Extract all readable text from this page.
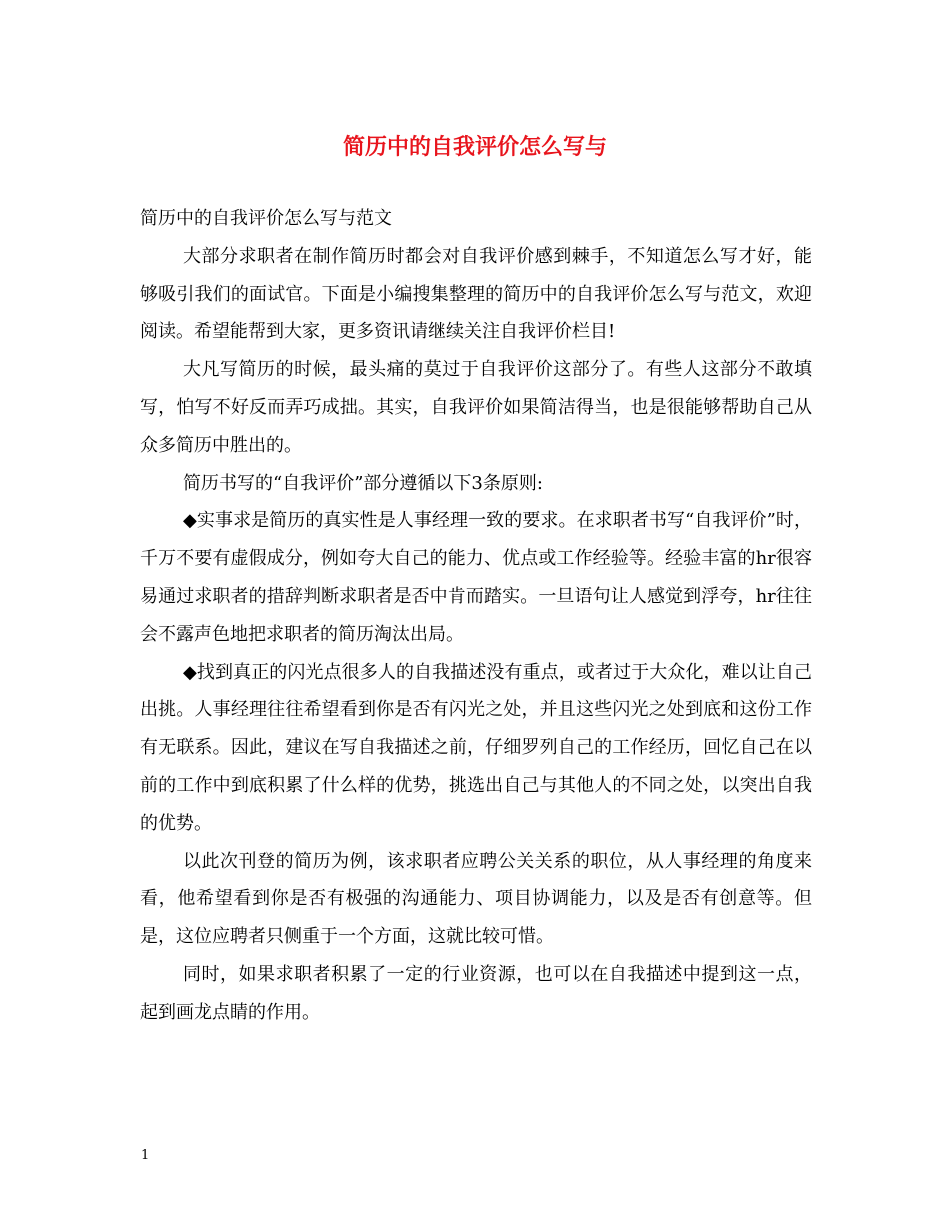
简历中的自我评价怎么写与

简历中的自我评价怎么写与范文

大部分求职者在制作简历时都会对自我评价感到棘手，不知道怎么写才好，能够吸引我们的面试官。下面是小编搜集整理的简历中的自我评价怎么写与范文，欢迎阅读。希望能帮到大家，更多资讯请继续关注自我评价栏目!

大凡写简历的时候，最头痛的莫过于自我评价这部分了。有些人这部分不敢填写，怕写不好反而弄巧成拙。其实，自我评价如果简洁得当，也是很能够帮助自己从众多简历中胜出的。

简历书写的“自我评价”部分遵循以下3条原则:

◆实事求是简历的真实性是人事经理一致的要求。在求职者书写“自我评价”时，千万不要有虚假成分，例如夸大自己的能力、优点或工作经验等。经验丰富的hr很容易通过求职者的措辞判断求职者是否中肯而踏实。一旦语句让人感觉到浮夸，hr往往会不露声色地把求职者的简历淘汰出局。

◆找到真正的闪光点很多人的自我描述没有重点，或者过于大众化，难以让自己出挑。人事经理往往希望看到你是否有闪光之处，并且这些闪光之处到底和这份工作有无联系。因此，建议在写自我描述之前，仔细罗列自己的工作经历，回忆自己在以前的工作中到底积累了什么样的优势，挑选出自己与其他人的不同之处，以突出自我的优势。

以此次刊登的简历为例，该求职者应聘公关关系的职位，从人事经理的角度来看，他希望看到你是否有极强的沟通能力、项目协调能力，以及是否有创意等。但是，这位应聘者只侧重于一个方面，这就比较可惜。

同时，如果求职者积累了一定的行业资源，也可以在自我描述中提到这一点，起到画龙点睛的作用。

1
